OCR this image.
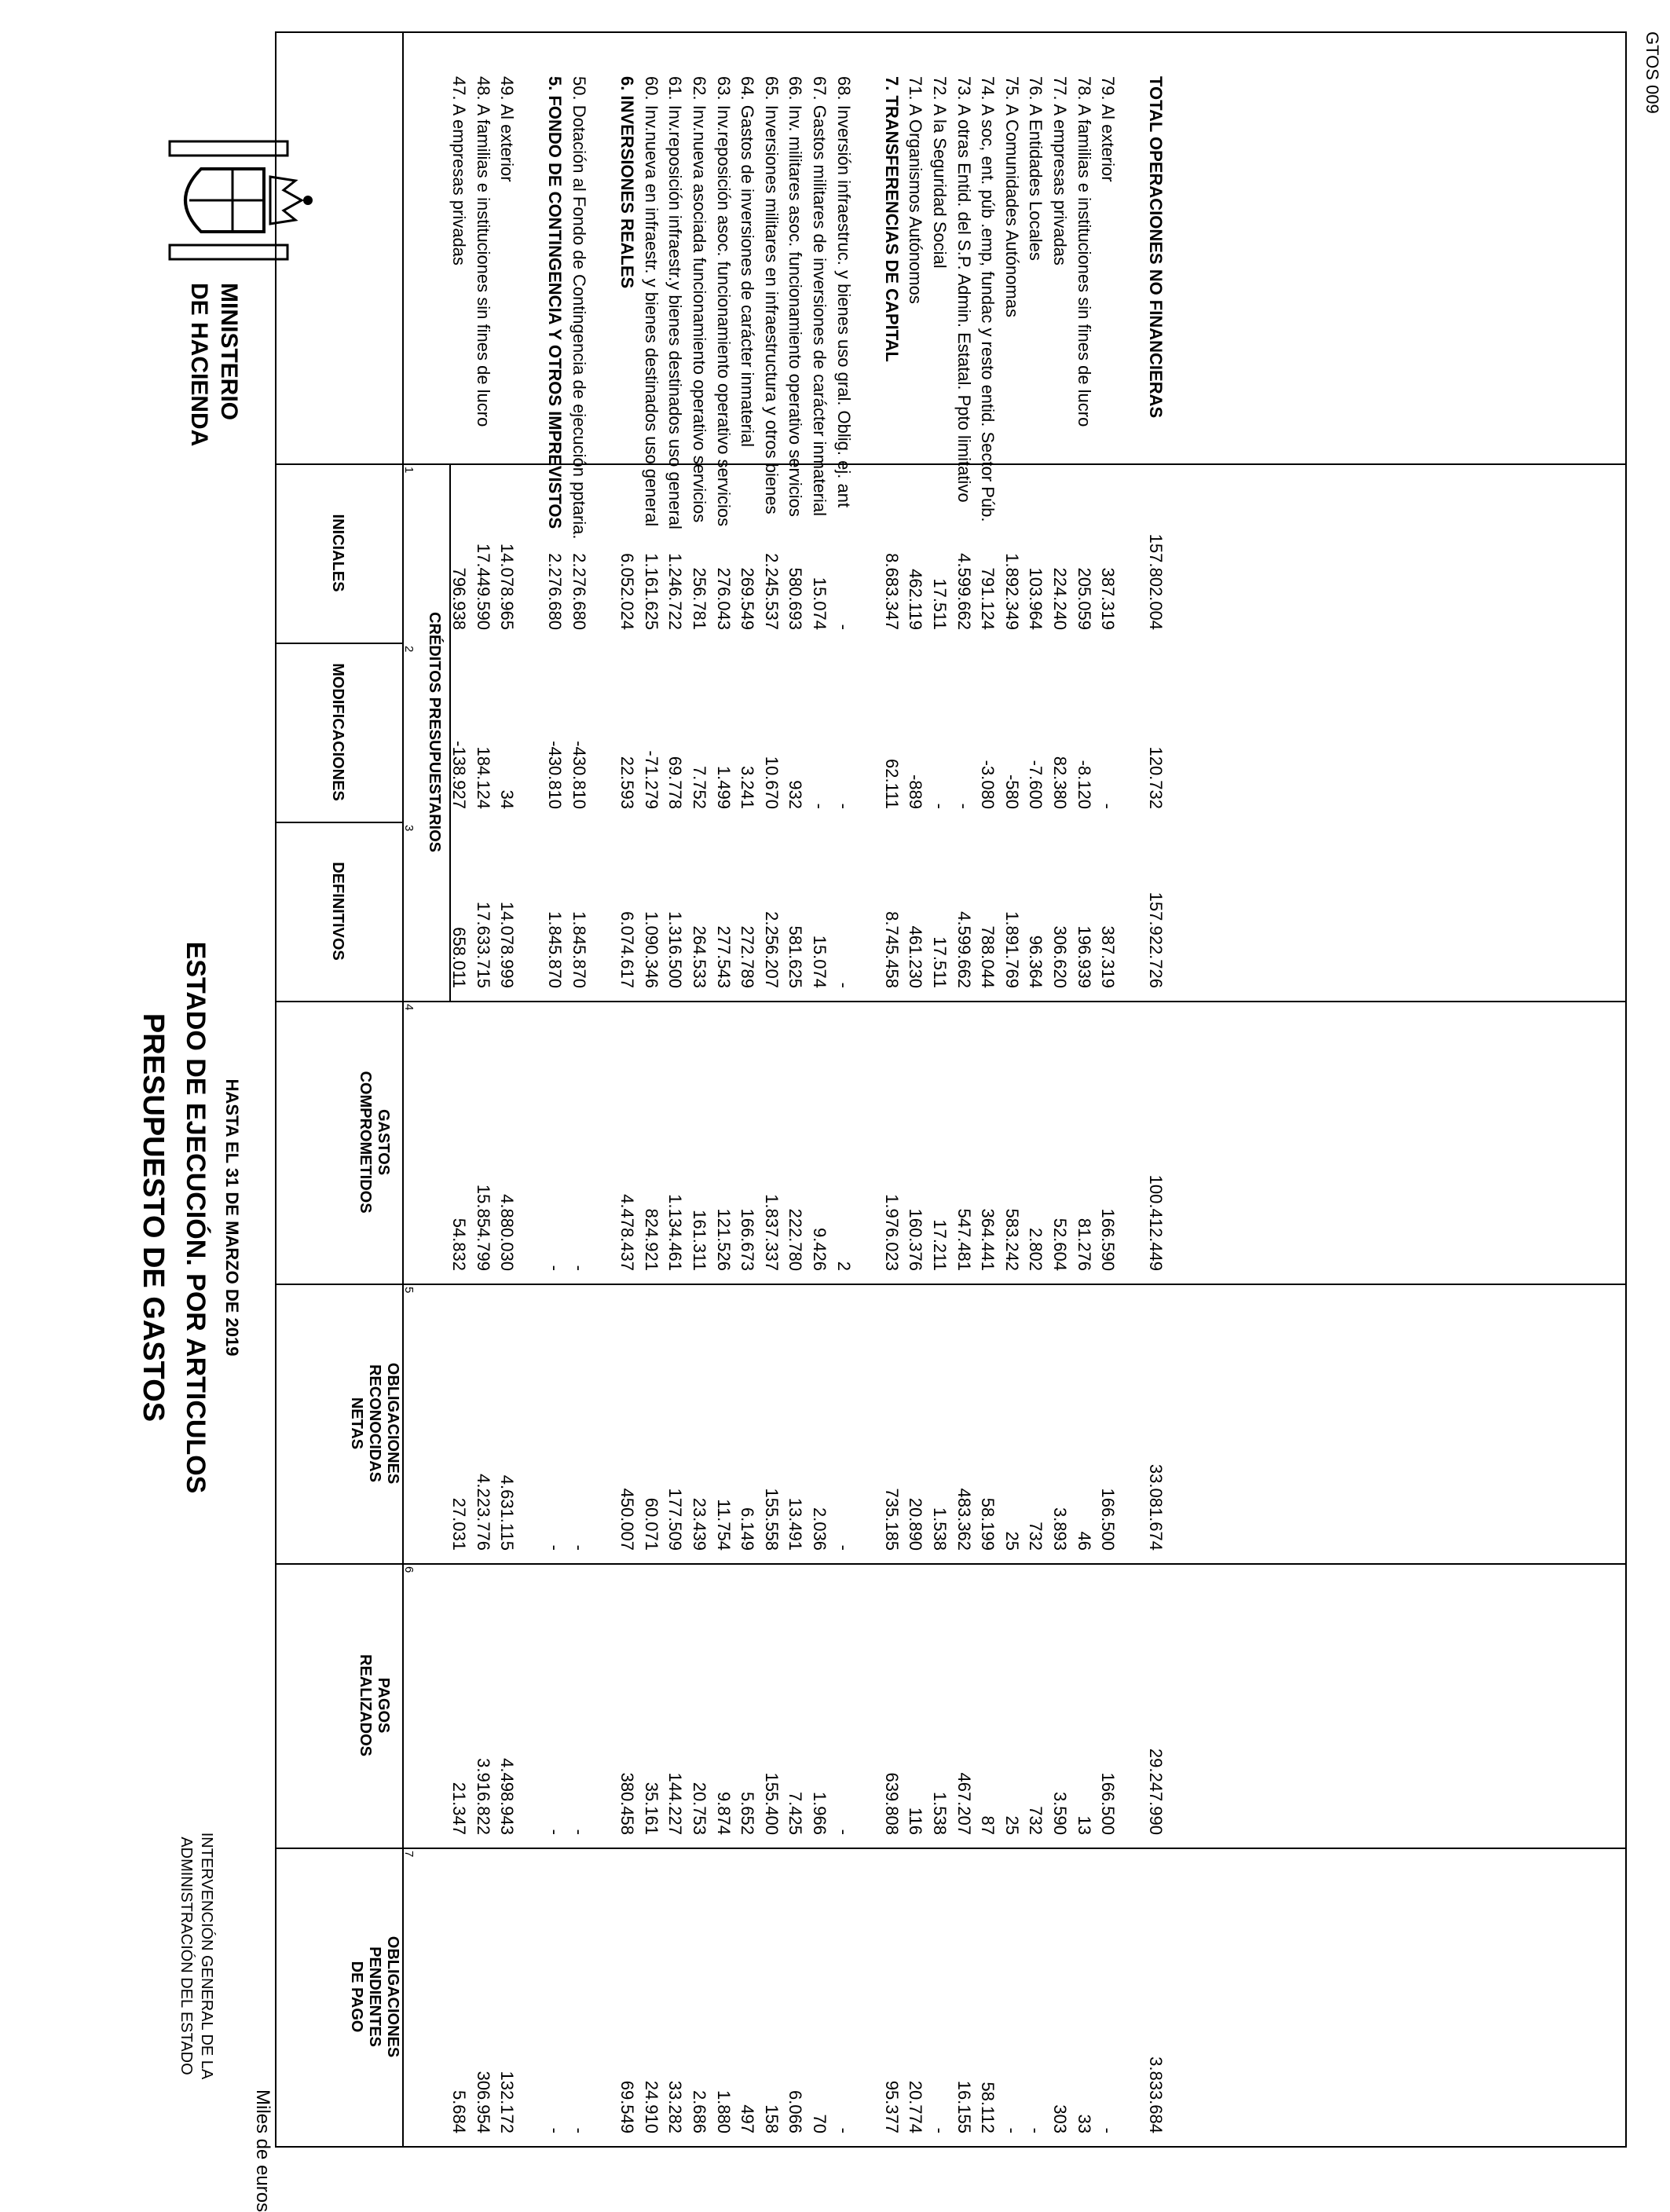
MINISTERIO
DE HACIENDA
PRESUPUESTO DE GASTOS ESTADO DE EJECUCIÓN. POR ARTICULOS HASTA EL 31 DE MARZO DE 2019
INTERVENCIÓN GENERAL DE LA
ADMINISTRACIÓN DEL ESTADO
Miles de euros
CRÉDITOS PRESUPUESTARIOS
INICIALES
MODIFICACIONES
DEFINITIVOS
GASTOS
COMPROMETIDOS
OBLIGACIONES
RECONOCIDAS
NETAS
PAGOS
REALIZADOS
OBLIGACIONES
PENDIENTES
DE PAGO
1
2
3
4
5
6
7
47. A empresas privadas
796.938
-138.927
658.011
54.832
27.031
21.347
5.684
48. A familias e instituciones sin fines de lucro
17.449.590
184.124
17.633.715
15.854.799
4.223.776
3.916.822
306.954
49. Al exterior
14.078.965
34
14.078.999
4.880.030
4.631.115
4.498.943
132.172
5. FONDO DE CONTINGENCIA Y OTROS IMPREVISTOS
2.276.680
-430.810
1.845.870
-
-
-
-
50. Dotación al Fondo de Contingencia de ejecución pptaria.
2.276.680
-430.810
1.845.870
-
-
-
-
6. INVERSIONES REALES
6.052.024
22.593
6.074.617
4.478.437
450.007
380.458
69.549
60. Inv.nueva en infraestr. y bienes destinados uso general
1.161.625
-71.279
1.090.346
824.921
60.071
35.161
24.910
61. Inv.reposición infraestr.y bienes destinados uso general
1.246.722
69.778
1.316.500
1.134.461
177.509
144.227
33.282
62. Inv.nueva asociada funcionamiento operativo servicios
256.781
7.752
264.533
161.311
23.439
20.753
2.686
63. Inv.reposición asoc. funcionamiento operativo servicios
276.043
1.499
277.543
121.526
11.754
9.874
1.880
64. Gastos de inversiones de carácter inmaterial
269.549
3.241
272.789
166.673
6.149
5.652
497
65. Inversiones militares en infraestructura y otros bienes
2.245.537
10.670
2.256.207
1.837.337
155.558
155.400
158
66. Inv. militares asoc. funcionamiento operativo servicios
580.693
932
581.625
222.780
13.491
7.425
6.066
67. Gastos militares de inversiones de carácter inmaterial
15.074
-
15.074
9.426
2.036
1.966
70
68. Inversión infraestruc. y bienes uso gral. Oblig. ej. ant
-
-
-
2
-
-
-
7. TRANSFERENCIAS DE CAPITAL
8.683.347
62.111
8.745.458
1.976.023
735.185
639.808
95.377
71. A Organismos Autónomos
462.119
-889
461.230
160.376
20.890
116
20.774
72. A la Seguridad Social
17.511
-
17.511
17.211
1.538
1.538
-
73. A otras Entid. del S.P. Admin. Estatal. Ppto limitativo
4.599.662
-
4.599.662
547.481
483.362
467.207
16.155
74. A soc, ent. púb .emp, fundac y resto entid. Sector Púb.
791.124
-3.080
788.044
364.441
58.199
87
58.112
75. A Comunidades Autónomas
1.892.349
-580
1.891.769
583.242
25
25
-
76. A Entidades Locales
103.964
-7.600
96.364
2.802
732
732
-
77. A empresas privadas
224.240
82.380
306.620
52.604
3.893
3.590
303
78. A familias e instituciones sin fines de lucro
205.059
-8.120
196.939
81.276
46
13
33
79. Al exterior
387.319
-
387.319
166.590
166.500
166.500
-
TOTAL OPERACIONES NO FINANCIERAS
157.802.004
120.732
157.922.726
100.412.449
33.081.674
29.247.990
3.833.684
GTOS 009
